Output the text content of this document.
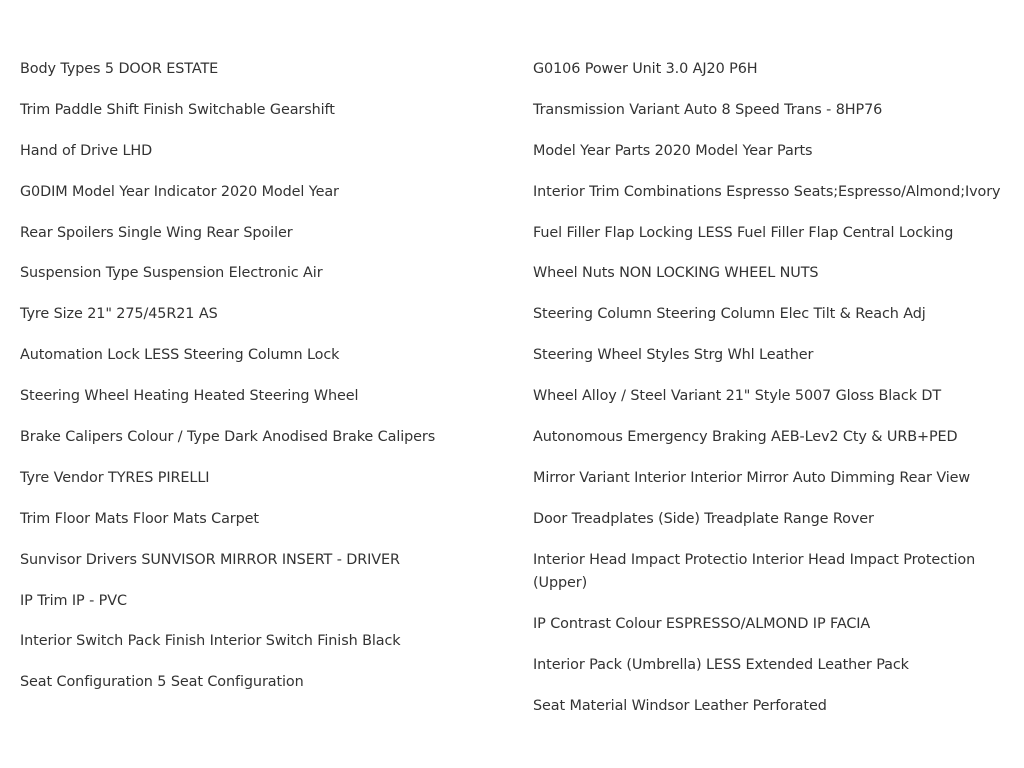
Body Types 5 DOOR ESTATE
Trim Paddle Shift Finish Switchable Gearshift
Hand of Drive LHD
G0DIM Model Year Indicator 2020 Model Year
Rear Spoilers Single Wing Rear Spoiler
Suspension Type Suspension Electronic Air
Tyre Size 21" 275/45R21 AS
Automation Lock LESS Steering Column Lock
Steering Wheel Heating Heated Steering Wheel
Brake Calipers Colour / Type Dark Anodised Brake Calipers
Tyre Vendor TYRES PIRELLI
Trim Floor Mats Floor Mats Carpet
Sunvisor Drivers SUNVISOR MIRROR INSERT - DRIVER
IP Trim IP - PVC
Interior Switch Pack Finish Interior Switch Finish Black
Seat Configuration 5 Seat Configuration
G0106 Power Unit 3.0 AJ20 P6H
Transmission Variant Auto 8 Speed Trans - 8HP76
Model Year Parts 2020 Model Year Parts
Interior Trim Combinations Espresso Seats;Espresso/Almond;Ivory
Fuel Filler Flap Locking LESS Fuel Filler Flap Central Locking
Wheel Nuts NON LOCKING WHEEL NUTS
Steering Column Steering Column Elec Tilt & Reach Adj
Steering Wheel Styles Strg Whl Leather
Wheel Alloy / Steel Variant 21" Style 5007 Gloss Black DT
Autonomous Emergency Braking AEB-Lev2 Cty & URB+PED
Mirror Variant Interior Interior Mirror Auto Dimming Rear View
Door Treadplates (Side) Treadplate Range Rover
Interior Head Impact Protectio Interior Head Impact Protection (Upper)
IP Contrast Colour ESPRESSO/ALMOND IP FACIA
Interior Pack (Umbrella) LESS Extended Leather Pack
Seat Material Windsor Leather Perforated
